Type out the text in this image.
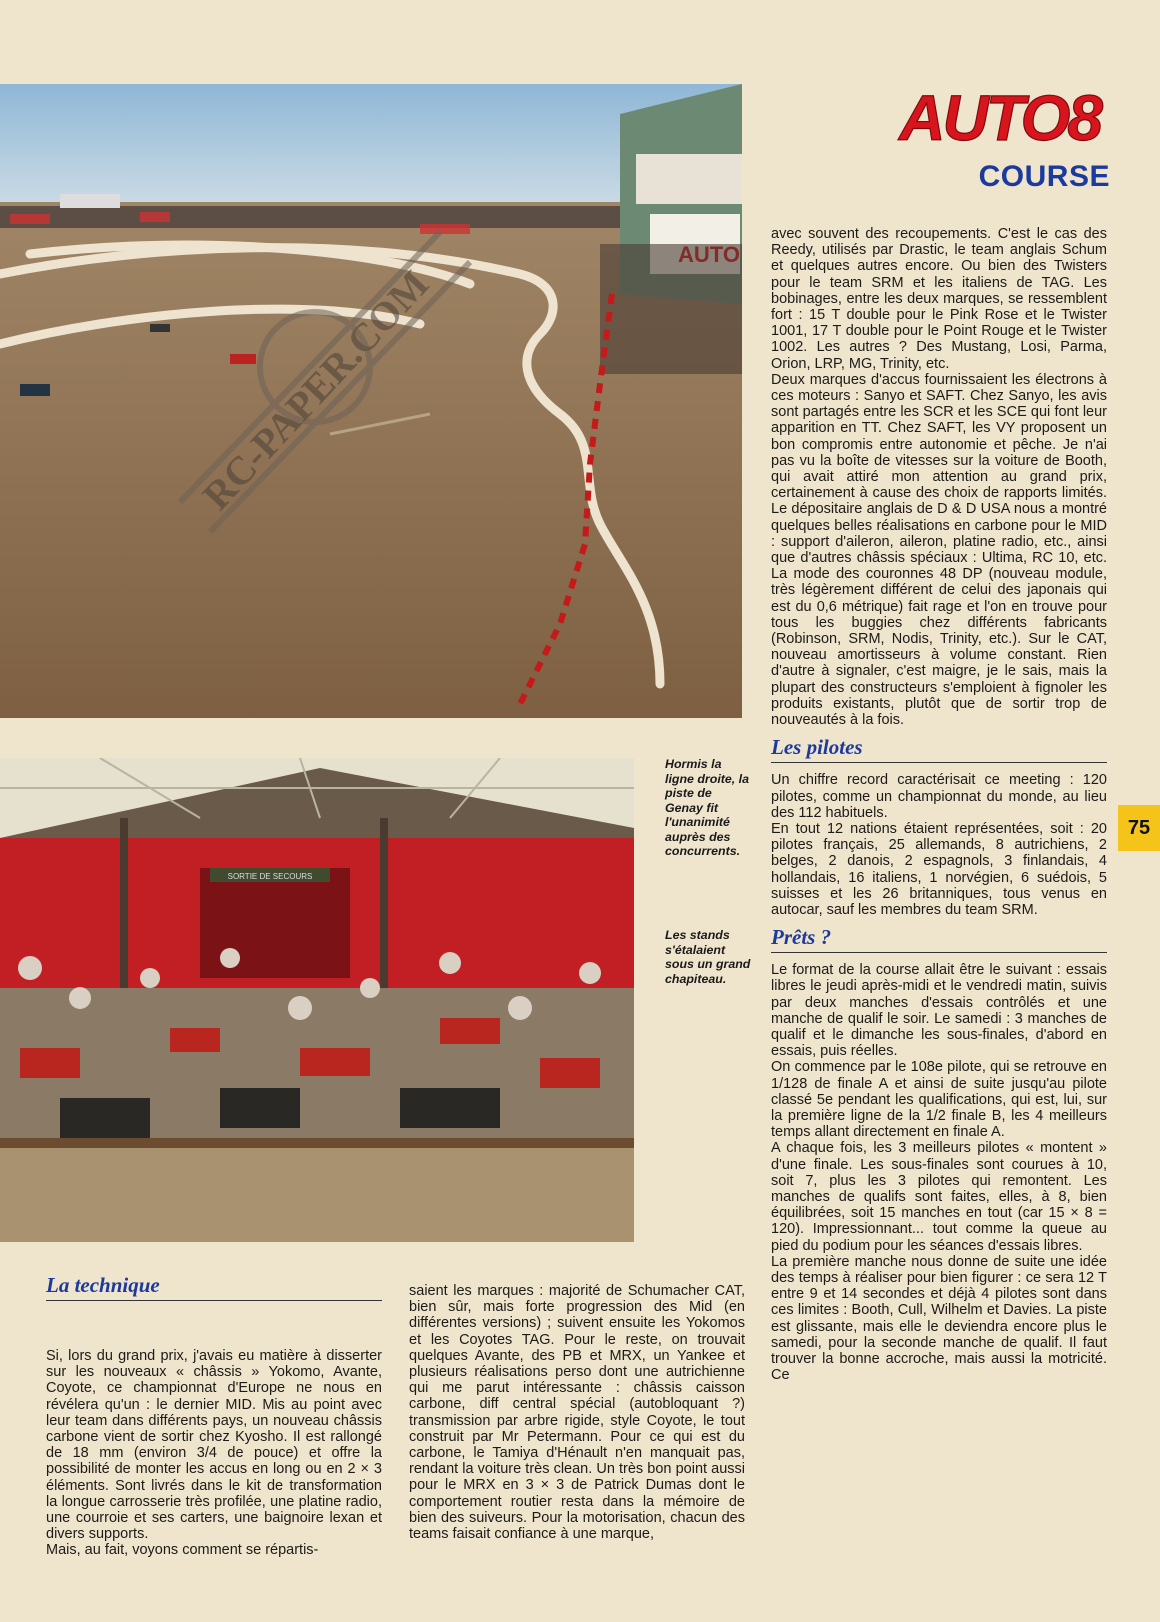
RC-PAPER.COM
AUTO8
COURSE

avec souvent des recoupements. C'est le cas des Reedy, utilisés par Drastic, le team anglais Schum et quelques autres encore. Ou bien des Twisters pour le team SRM et les italiens de TAG. Les bobinages, entre les deux marques, se ressemblent fort : 15 T double pour le Pink Rose et le Twister 1001, 17 T double pour le Point Rouge et le Twister 1002. Les autres ? Des Mustang, Losi, Parma, Orion, LRP, MG, Trinity, etc.

Deux marques d'accus fournissaient les électrons à ces moteurs : Sanyo et SAFT. Chez Sanyo, les avis sont partagés entre les SCR et les SCE qui font leur apparition en TT. Chez SAFT, les VY proposent un bon compromis entre autonomie et pêche. Je n'ai pas vu la boîte de vitesses sur la voiture de Booth, qui avait attiré mon attention au grand prix, certainement à cause des choix de rapports limités. Le dépositaire anglais de D & D USA nous a montré quelques belles réalisations en carbone pour le MID : support d'aileron, aileron, platine radio, etc., ainsi que d'autres châssis spéciaux : Ultima, RC 10, etc. La mode des couronnes 48 DP (nouveau module, très légèrement différent de celui des japonais qui est du 0,6 métrique) fait rage et l'on en trouve pour tous les buggies chez différents fabricants (Robinson, SRM, Nodis, Trinity, etc.). Sur le CAT, nouveau amortisseurs à volume constant. Rien d'autre à signaler, c'est maigre, je le sais, mais la plupart des constructeurs s'emploient à fignoler les produits existants, plutôt que de sortir trop de nouveautés à la fois.

Les pilotes

Un chiffre record caractérisait ce meeting : 120 pilotes, comme un championnat du monde, au lieu des 112 habituels.

En tout 12 nations étaient représentées, soit : 20 pilotes français, 25 allemands, 8 autrichiens, 2 belges, 2 danois, 2 espagnols, 3 finlandais, 4 hollandais, 16 italiens, 1 norvégien, 6 suédois, 5 suisses et les 26 britanniques, tous venus en autocar, sauf les membres du team SRM.

Prêts ?

Le format de la course allait être le suivant : essais libres le jeudi après-midi et le vendredi matin, suivis par deux manches d'essais contrôlés et une manche de qualif le soir. Le samedi : 3 manches de qualif et le dimanche les sous-finales, d'abord en essais, puis réelles.

On commence par le 108e pilote, qui se retrouve en 1/128 de finale A et ainsi de suite jusqu'au pilote classé 5e pendant les qualifications, qui est, lui, sur la première ligne de la 1/2 finale B, les 4 meilleurs temps allant directement en finale A.

A chaque fois, les 3 meilleurs pilotes « montent » d'une finale. Les sous-finales sont courues à 10, soit 7, plus les 3 pilotes qui remontent. Les manches de qualifs sont faites, elles, à 8, bien équilibrées, soit 15 manches en tout (car 15 × 8 = 120). Impressionnant... tout comme la queue au pied du podium pour les séances d'essais libres.

La première manche nous donne de suite une idée des temps à réaliser pour bien figurer : ce sera 12 T entre 9 et 14 secondes et déjà 4 pilotes sont dans ces limites : Booth, Cull, Wilhelm et Davies. La piste est glissante, mais elle le deviendra encore plus le samedi, pour la seconde manche de qualif. Il faut trouver la bonne accroche, mais aussi la motricité. Ce

75
SORTIE DE SECOURS
Hormis la ligne droite, la piste de Genay fit l'unanimité auprès des concurrents.
Les stands s'étalaient sous un grand chapiteau.
La technique

Si, lors du grand prix, j'avais eu matière à disserter sur les nouveaux « châssis » Yokomo, Avante, Coyote, ce championnat d'Europe ne nous en révélera qu'un : le dernier MID. Mis au point avec leur team dans différents pays, un nouveau châssis carbone vient de sortir chez Kyosho. Il est rallongé de 18 mm (environ 3/4 de pouce) et offre la possibilité de monter les accus en long ou en 2 × 3 éléments. Sont livrés dans le kit de transformation la longue carrosserie très profilée, une platine radio, une courroie et ses carters, une baignoire lexan et divers supports.

Mais, au fait, voyons comment se répartis-

saient les marques : majorité de Schumacher CAT, bien sûr, mais forte progression des Mid (en différentes versions) ; suivent ensuite les Yokomos et les Coyotes TAG. Pour le reste, on trouvait quelques Avante, des PB et MRX, un Yankee et plusieurs réalisations perso dont une autrichienne qui me parut intéressante : châssis caisson carbone, diff central spécial (autobloquant ?) transmission par arbre rigide, style Coyote, le tout construit par Mr Petermann. Pour ce qui est du carbone, le Tamiya d'Hénault n'en manquait pas, rendant la voiture très clean. Un très bon point aussi pour le MRX en 3 × 3 de Patrick Dumas dont le comportement routier resta dans la mémoire de bien des suiveurs. Pour la motorisation, chacun des teams faisait confiance à une marque,
